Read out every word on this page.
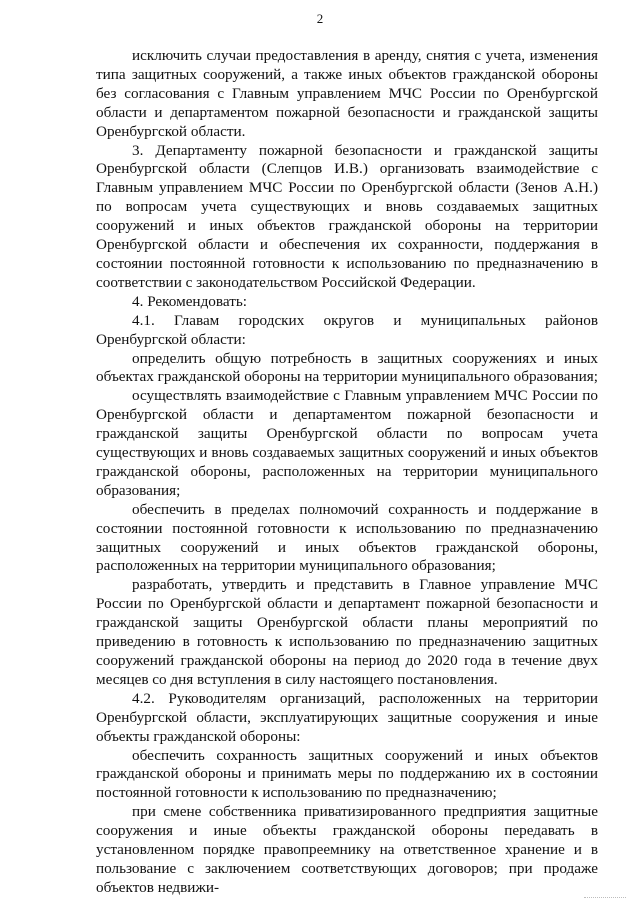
2

исключить случаи предоставления в аренду, снятия с учета, изменения типа защитных сооружений, а также иных объектов гражданской обороны без согласования с Главным управлением МЧС России по Оренбургской области и департаментом пожарной безопасности и гражданской защиты Оренбургской области.

3. Департаменту пожарной безопасности и гражданской защиты Оренбургской области (Слепцов И.В.) организовать взаимодействие с Главным управлением МЧС России по Оренбургской области (Зенов А.Н.) по вопросам учета существующих и вновь создаваемых защитных сооружений и иных объектов гражданской обороны на территории Оренбургской области и обеспечения их сохранности, поддержания в состоянии постоянной готовности к использованию по предназначению в соответствии с законодательством Российской Федерации.

4. Рекомендовать:

4.1. Главам городских округов и муниципальных районов Оренбургской области:

определить общую потребность в защитных сооружениях и иных объектах гражданской обороны на территории муниципального образования;

осуществлять взаимодействие с Главным управлением МЧС России по Оренбургской области и департаментом пожарной безопасности и гражданской защиты Оренбургской области по вопросам учета существующих и вновь создаваемых защитных сооружений и иных объектов гражданской обороны, расположенных на территории муниципального образования;

обеспечить в пределах полномочий сохранность и поддержание в состоянии постоянной готовности к использованию по предназначению защитных сооружений и иных объектов гражданской обороны, расположенных на территории муниципального образования;

разработать, утвердить и представить в Главное управление МЧС России по Оренбургской области и департамент пожарной безопасности и гражданской защиты Оренбургской области планы мероприятий по приведению в готовность к использованию по предназначению защитных сооружений гражданской обороны на период до 2020 года в течение двух месяцев со дня вступления в силу настоящего постановления.

4.2. Руководителям организаций, расположенных на территории Оренбургской области, эксплуатирующих защитные сооружения и иные объекты гражданской обороны:

обеспечить сохранность защитных сооружений и иных объектов гражданской обороны и принимать меры по поддержанию их в состоянии постоянной готовности к использованию по предназначению;

при смене собственника приватизированного предприятия защитные сооружения и иные объекты гражданской обороны передавать в установленном порядке правопреемнику на ответственное хранение и в пользование с заключением соответствующих договоров; при продаже объектов недвижи-
